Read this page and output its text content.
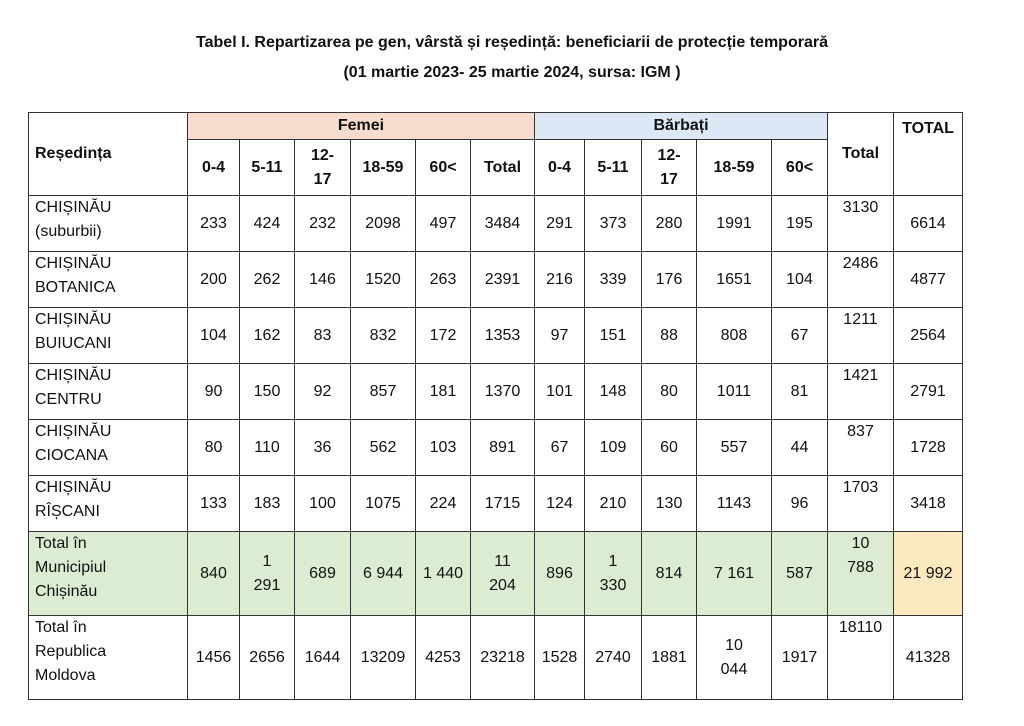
Tabel I. Repartizarea pe gen, vârstă și reședință: beneficiarii de protecție temporară
(01 martie 2023- 25 martie 2024, sursa: IGM )
Reședința	Femei						Bărbați						TOTAL
	0-4	5-11	12-
17	18-59	60<	Total	0-4	5-11	12-
17	18-59	60<	Total	
CHIȘINĂU
(suburbii)	233	424	232	2098	497	3484	291	373	280	1991	195	3130	6614
CHIȘINĂU
BOTANICA	200	262	146	1520	263	2391	216	339	176	1651	104	2486	4877
CHIȘINĂU
BUIUCANI	104	162	83	832	172	1353	97	151	88	808	67	1211	2564
CHIȘINĂU
CENTRU	90	150	92	857	181	1370	101	148	80	1011	81	1421	2791
CHIȘINĂU
CIOCANA	80	110	36	562	103	891	67	109	60	557	44	837	1728
CHIȘINĂU
RÎȘCANI	133	183	100	1075	224	1715	124	210	130	1143	96	1703	3418
Total în
Municipiul
Chișinău	840	1
291	689	6 944	1 440	11
204	896	1
330	814	7 161	587	10
788	21 992
Total în
Republica
Moldova	1456	2656	1644	13209	4253	23218	1528	2740	1881	10
044	1917	18110	41328
